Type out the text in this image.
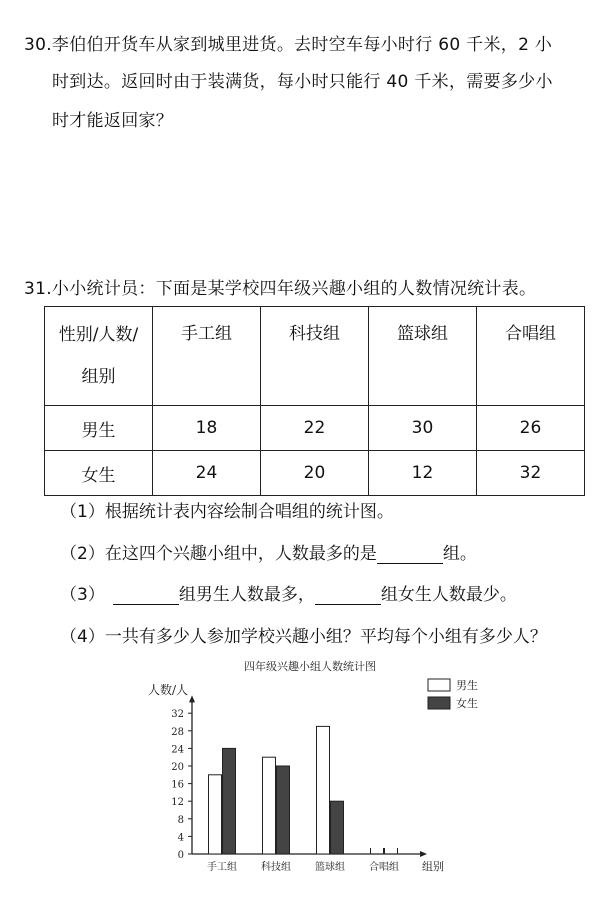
30.李伯伯开货车从家到城里进货。去时空车每小时行 60 千米，2 小
时到达。返回时由于装满货，每小时只能行 40 千米，需要多少小
时才能返回家？
31.小小统计员：下面是某学校四年级兴趣小组的人数情况统计表。
性别/人数/
组别	手工组	科技组	篮球组	合唱组
男生	18	22	30	26
女生	24	20	12	32
（1）根据统计表内容绘制合唱组的统计图。
（2）在这四个兴趣小组中，人数最多的是	组。
（3）	组男生人数最多，	组女生人数最少。
（4）一共有多少人参加学校兴趣小组？平均每个小组有多少人？
四年级兴趣小组人数统计图
人数/人
组别
0
4
8
12
16
20
24
28
32
手工组 科技组 篮球组 合唱组
男生
女生
